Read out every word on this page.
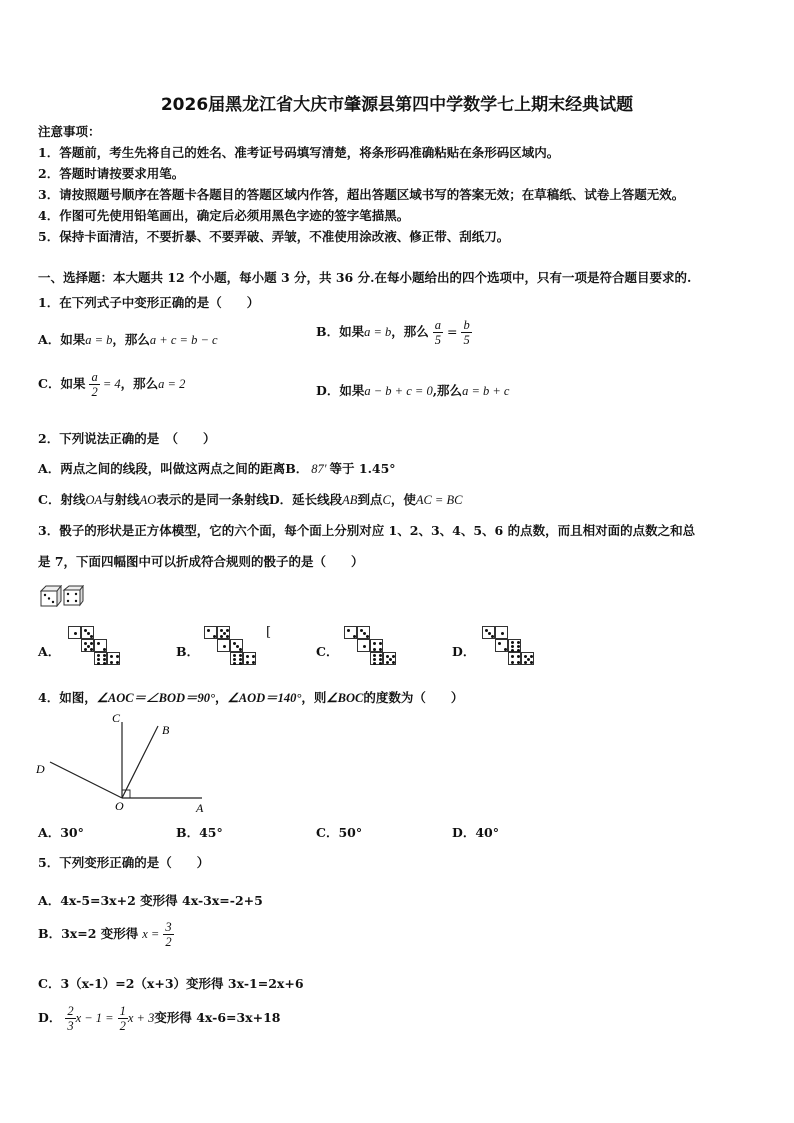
2026届黑龙江省大庆市肇源县第四中学数学七上期末经典试题
注意事项：
1．答题前，考生先将自己的姓名、准考证号码填写清楚，将条形码准确粘贴在条形码区域内。
2．答题时请按要求用笔。
3．请按照题号顺序在答题卡各题目的答题区域内作答，超出答题区域书写的答案无效；在草稿纸、试卷上答题无效。
4．作图可先使用铅笔画出，确定后必须用黑色字迹的签字笔描黑。
5．保持卡面清洁，不要折暴、不要弄破、弄皱，不准使用涂改液、修正带、刮纸刀。
一、选择题：本大题共 12 个小题，每小题 3 分，共 36 分.在每小题给出的四个选项中，只有一项是符合题目要求的.
1．在下列式子中变形正确的是（　　）
A．如果a = b，那么a + c = b − c
B．如果a = b，那么 $\frac{a}{5} = \frac{b}{5}$
C．如果 $\frac{a}{2} = 4$，那么a = 2	D．如果a − b + c = 0,那么a = b + c
2．下列说法正确的是　（　　）
A．两点之间的线段，叫做这两点之间的距离B． 87′ 等于 1.45°
C．射线OA与射线AO表示的是同一条射线D．延长线段AB到点C，使AC = BC
3．骰子的形状是正方体模型，它的六个面，每个面上分别对应 1、2、3、4、5、6 的点数，而且相对面的点数之和总
是 7，下面四幅图中可以折成符合规则的骰子的是（　　）
A．	B．	C．	D．
[
4．如图，∠AOC＝∠BOD＝90°，∠AOD＝140°，则∠BOC的度数为（　　）
C
B
D
O	A
A．30°	B．45°	C．50°	D．40°
5．下列变形正确的是（　　）
A．4x-5=3x+2 变形得 4x-3x=-2+5
B．3x=2 变形得 $x = \frac{3}{2}$
C．3（x-1）=2（x+3）变形得 3x-1=2x+6
D． $\frac{2}{3}$ $x - 1 = \frac{1}{2}$ x + 3变形得 4x-6=3x+18
